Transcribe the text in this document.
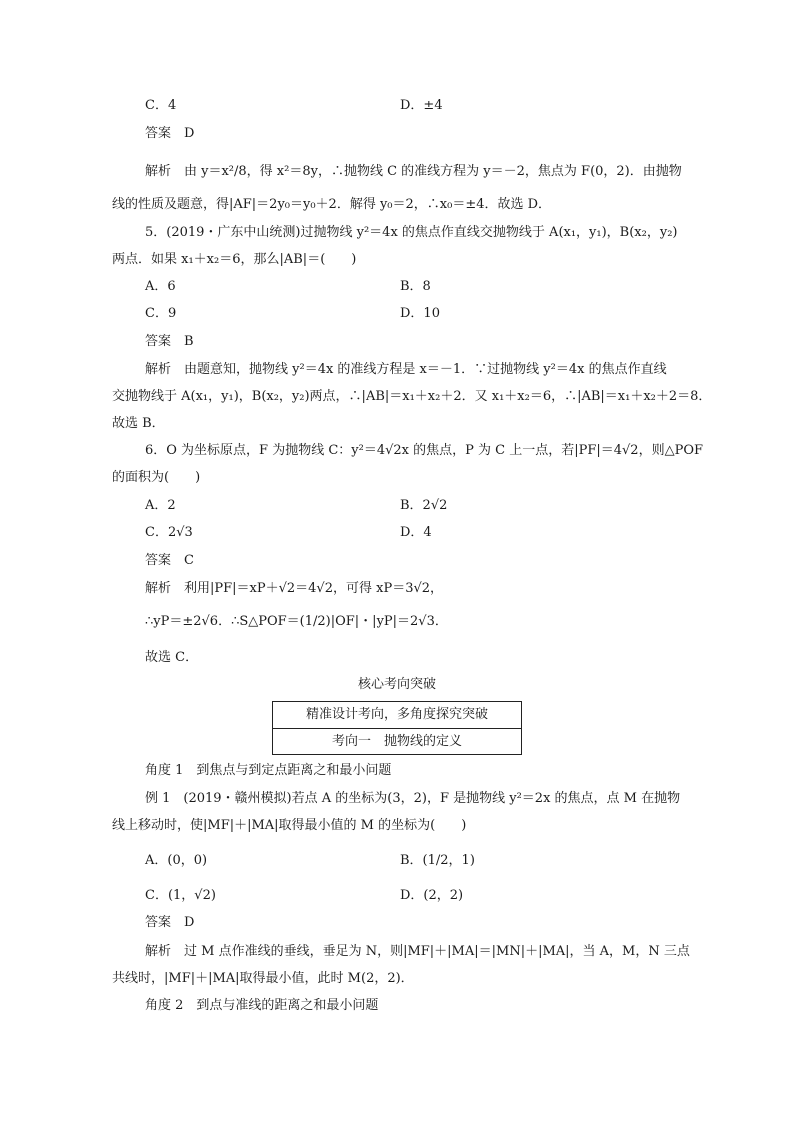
C．4
答案　D
解析　由 y＝x²/8，得 x²＝8y，∴抛物线 C 的准线方程为 y＝－2，焦点为 F(0，2)．由抛物
线的性质及题意，得|AF|＝2y₀＝y₀＋2．解得 y₀＝2，∴x₀＝±4．故选 D．
5．(2019・广东中山统测)过抛物线 y²＝4x 的焦点作直线交抛物线于 A(x₁，y₁)，B(x₂，y₂)
两点．如果 x₁＋x₂＝6，那么|AB|＝(　　)
A．6
C．9
答案　B
解析　由题意知，抛物线 y²＝4x 的准线方程是 x＝－1．∵过抛物线 y²＝4x 的焦点作直线
交抛物线于 A(x₁，y₁)，B(x₂，y₂)两点，∴|AB|＝x₁＋x₂＋2．又 x₁＋x₂＝6，∴|AB|＝x₁＋x₂＋2＝8．
故选 B．
6．O 为坐标原点，F 为抛物线 C：y²＝4√2x 的焦点，P 为 C 上一点，若|PF|＝4√2，则△POF
的面积为(　　)
A．2
C．2√3
答案　C
解析　利用|PF|＝xP＋√2＝4√2，可得 xP＝3√2，
∴yP＝±2√6．∴S△POF＝(1/2)|OF|・|yP|＝2√3．
故选 C．
角度 1　到焦点与到定点距离之和最小问题
例 1　(2019・赣州模拟)若点 A 的坐标为(3，2)，F 是抛物线 y²＝2x 的焦点，点 M 在抛物
线上移动时，使|MF|＋|MA|取得最小值的 M 的坐标为(　　)
A．(0，0)
C．(1，√2)
答案　D
解析　过 M 点作准线的垂线，垂足为 N，则|MF|＋|MA|＝|MN|＋|MA|，当 A，M，N 三点
共线时，|MF|＋|MA|取得最小值，此时 M(2，2)．
角度 2　到点与准线的距离之和最小问题
D．±4
B．8
D．10
B．2√2
D．4
B．(1/2，1)
D．(2，2)
核心考向突破
精准设计考向，多角度探究突破
考向一　抛物线的定义
